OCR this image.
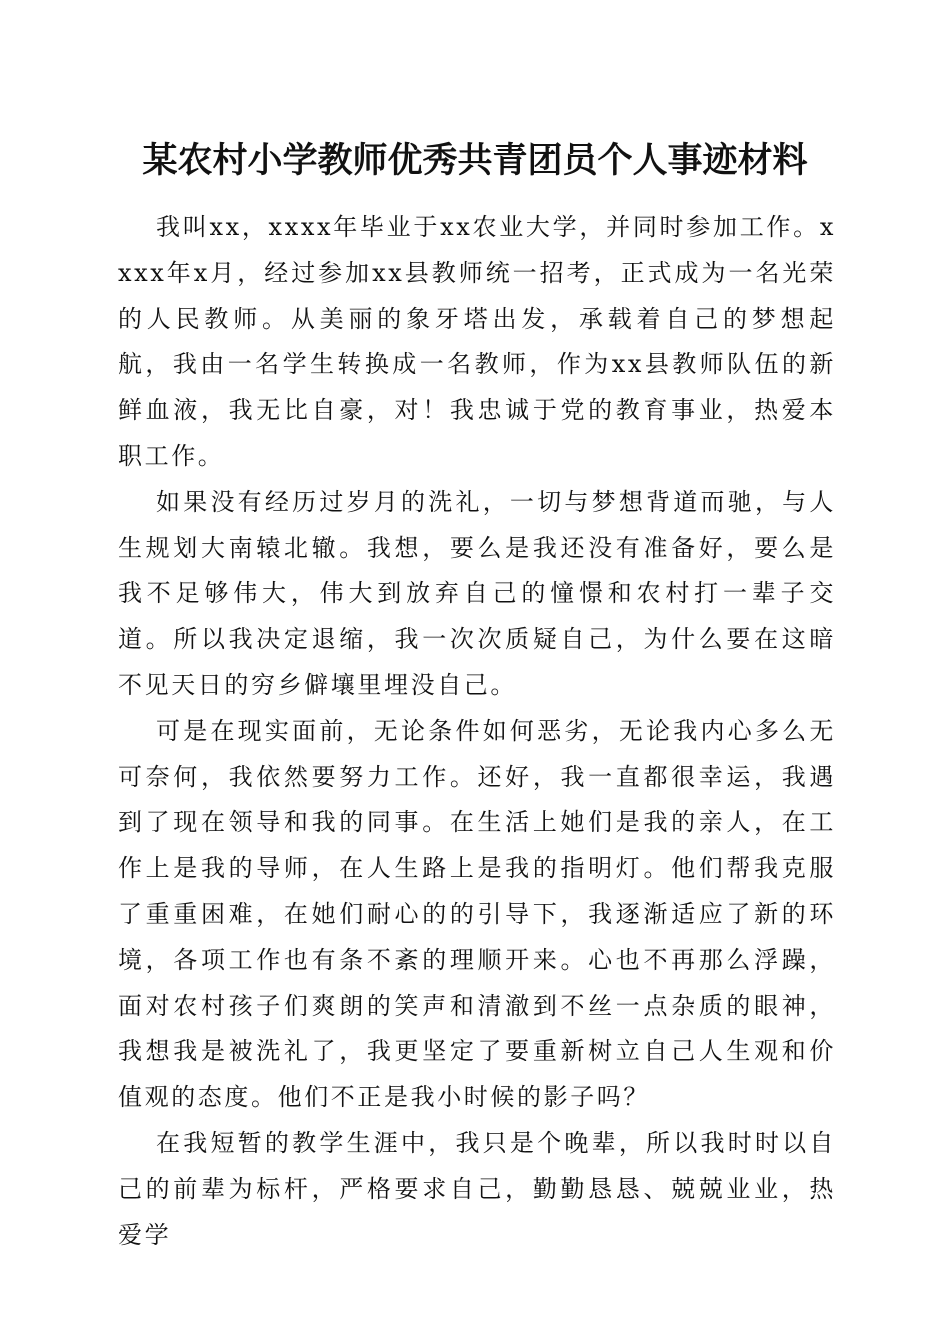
某农村小学教师优秀共青团员个人事迹材料

我叫xx，xxxx年毕业于xx农业大学，并同时参加工作。xxxx年x月，经过参加xx县教师统一招考，正式成为一名光荣的人民教师。从美丽的象牙塔出发，承载着自己的梦想起航，我由一名学生转换成一名教师，作为xx县教师队伍的新鲜血液，我无比自豪，对！我忠诚于党的教育事业，热爱本职工作。

如果没有经历过岁月的洗礼，一切与梦想背道而驰，与人生规划大南辕北辙。我想，要么是我还没有准备好，要么是我不足够伟大，伟大到放弃自己的憧憬和农村打一辈子交道。所以我决定退缩，我一次次质疑自己，为什么要在这暗不见天日的穷乡僻壤里埋没自己。

可是在现实面前，无论条件如何恶劣，无论我内心多么无可奈何，我依然要努力工作。还好，我一直都很幸运，我遇到了现在领导和我的同事。在生活上她们是我的亲人，在工作上是我的导师，在人生路上是我的指明灯。他们帮我克服了重重困难，在她们耐心的的引导下，我逐渐适应了新的环境，各项工作也有条不紊的理顺开来。心也不再那么浮躁，面对农村孩子们爽朗的笑声和清澈到不丝一点杂质的眼神，我想我是被洗礼了，我更坚定了要重新树立自己人生观和价值观的态度。他们不正是我小时候的影子吗？

在我短暂的教学生涯中，我只是个晚辈，所以我时时以自己的前辈为标杆，严格要求自己，勤勤恳恳、兢兢业业，热爱学
